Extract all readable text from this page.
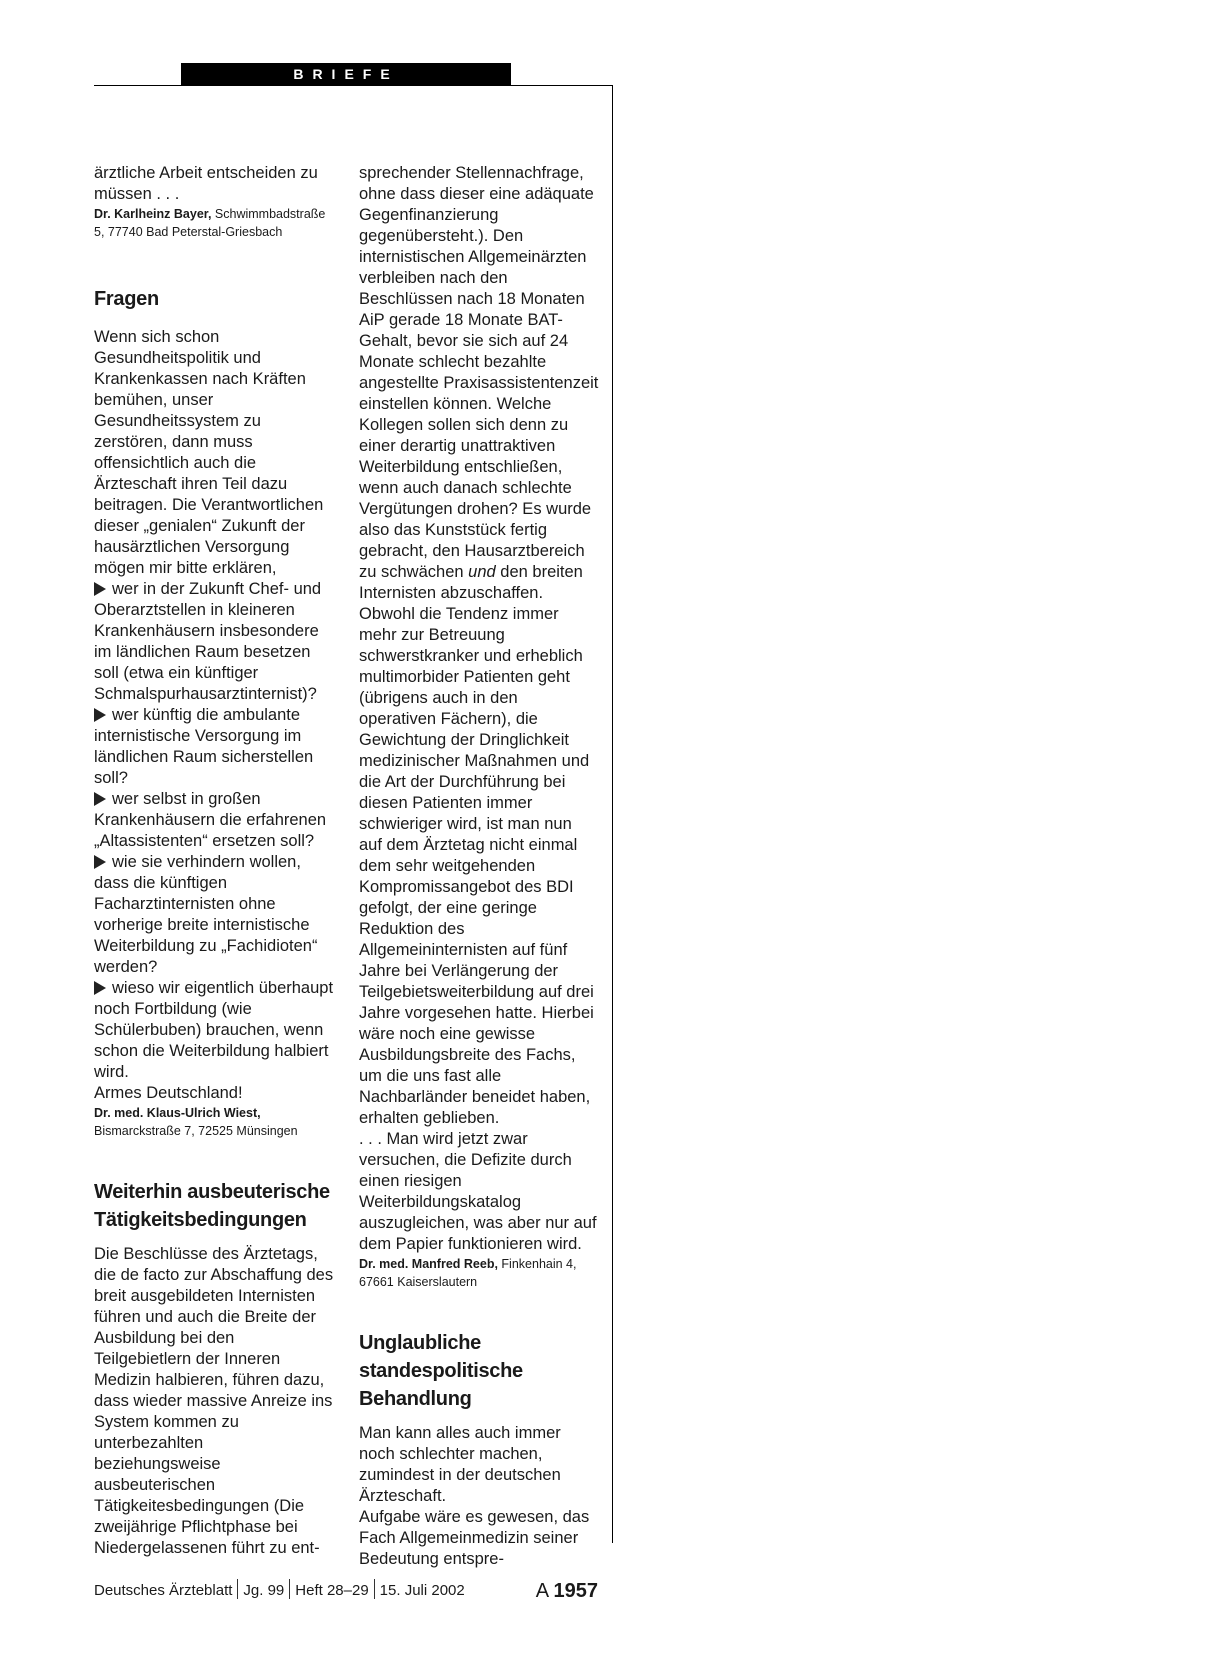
BRIEFE

ärztliche Arbeit entscheiden zu müssen . . .

Dr. Karlheinz Bayer, Schwimmbadstraße 5, 77740 Bad Peterstal-Griesbach

Fragen

Wenn sich schon Gesundheitspolitik und Krankenkassen nach Kräften bemühen, unser Gesundheitssystem zu zerstören, dann muss offensichtlich auch die Ärzteschaft ihren Teil dazu beitragen. Die Verantwortlichen dieser „genialen“ Zukunft der hausärztlichen Versorgung mögen mir bitte erklären,

wer in der Zukunft Chef- und Oberarztstellen in kleineren Krankenhäusern insbesondere im ländlichen Raum besetzen soll (etwa ein künftiger Schmalspurhausarztinternist)?

wer künftig die ambulante internistische Versorgung im ländlichen Raum sicherstellen soll?

wer selbst in großen Krankenhäusern die erfahrenen „Altassistenten“ ersetzen soll?

wie sie verhindern wollen, dass die künftigen Facharztinternisten ohne vorherige breite internistische Weiterbildung zu „Fachidioten“ werden?

wieso wir eigentlich überhaupt noch Fortbildung (wie Schülerbuben) brauchen, wenn schon die Weiterbildung halbiert wird.

Armes Deutschland!

Dr. med. Klaus-Ulrich Wiest,
Bismarckstraße 7, 72525 Münsingen

Weiterhin ausbeuterische Tätigkeitsbedingungen

Die Beschlüsse des Ärztetags, die de facto zur Abschaffung des breit ausgebildeten Internisten führen und auch die Breite der Ausbildung bei den Teilgebietlern der Inneren Medizin halbieren, führen dazu, dass wieder massive Anreize ins System kommen zu unterbezahlten beziehungsweise ausbeuterischen Tätigkeitesbedingungen (Die zweijährige Pflichtphase bei Niedergelassenen führt zu ent-

sprechender Stellennachfrage, ohne dass dieser eine adäquate Gegenfinanzierung gegenübersteht.). Den internistischen Allgemeinärzten verbleiben nach den Beschlüssen nach 18 Monaten AiP gerade 18 Monate BAT-Gehalt, bevor sie sich auf 24 Monate schlecht bezahlte angestellte Praxisassistentenzeit einstellen können. Welche Kollegen sollen sich denn zu einer derartig unattraktiven Weiterbildung entschließen, wenn auch danach schlechte Vergütungen drohen? Es wurde also das Kunststück fertig gebracht, den Hausarztbereich zu schwächen und den breiten Internisten abzuschaffen.

Obwohl die Tendenz immer mehr zur Betreuung schwerstkranker und erheblich multimorbider Patienten geht (übrigens auch in den operativen Fächern), die Gewichtung der Dringlichkeit medizinischer Maßnahmen und die Art der Durchführung bei diesen Patienten immer schwieriger wird, ist man nun auf dem Ärztetag nicht einmal dem sehr weitgehenden Kompromissangebot des BDI gefolgt, der eine geringe Reduktion des Allgemeininternisten auf fünf Jahre bei Verlängerung der Teilgebietsweiterbildung auf drei Jahre vorgesehen hatte. Hierbei wäre noch eine gewisse Ausbildungsbreite des Fachs, um die uns fast alle Nachbarländer beneidet haben, erhalten geblieben.

. . . Man wird jetzt zwar versuchen, die Defizite durch einen riesigen Weiterbildungskatalog auszugleichen, was aber nur auf dem Papier funktionieren wird.

Dr. med. Manfred Reeb, Finkenhain 4, 67661 Kaiserslautern

Unglaubliche standespolitische Behandlung

Man kann alles auch immer noch schlechter machen, zumindest in der deutschen Ärzteschaft.

Aufgabe wäre es gewesen, das Fach Allgemeinmedizin seiner Bedeutung entspre-

Deutsches Ärzteblatt Jg. 99 Heft 28–29 15. Juli 2002	A 1957
